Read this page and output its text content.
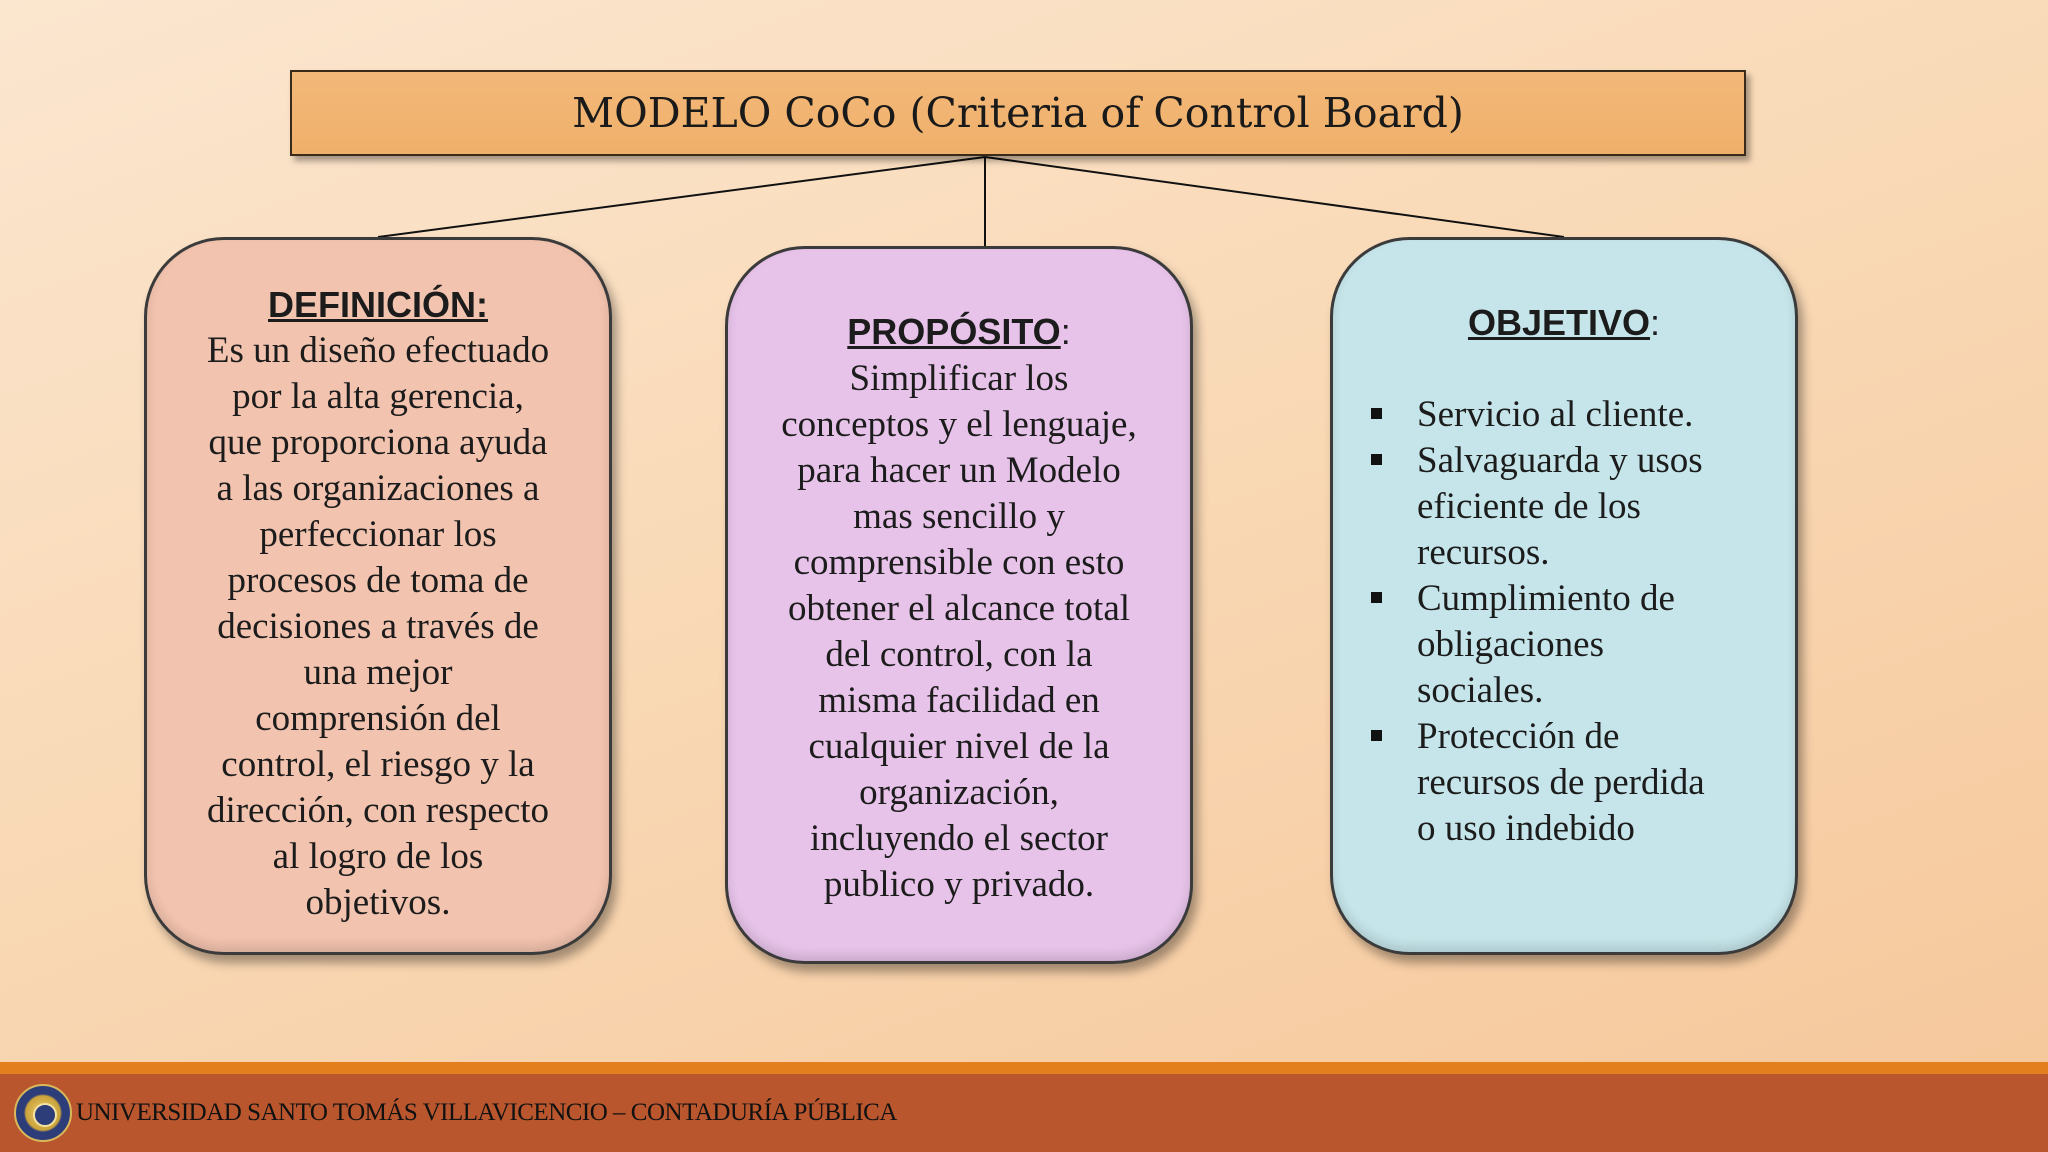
MODELO CoCo (Criteria of Control Board)
DEFINICIÓN:
Es un diseño efectuado
por la alta gerencia,
que proporciona ayuda
a las organizaciones a
perfeccionar los
procesos de toma de
decisiones a través de
una mejor
comprensión del
control, el riesgo y la
dirección, con respecto
al logro de los
objetivos.
PROPÓSITO:
Simplificar los
conceptos y el lenguaje,
para hacer un Modelo
mas sencillo y
comprensible con esto
obtener el alcance total
del control, con la
misma facilidad en
cualquier nivel de la
organización,
incluyendo el sector
publico y privado.
OBJETIVO:
Servicio al cliente.
Salvaguarda y usos
eficiente de los
recursos.
Cumplimiento de
obligaciones
sociales.
Protección de
recursos de perdida
o uso indebido
UNIVERSIDAD SANTO TOMÁS VILLAVICENCIO – CONTADURÍA PÚBLICA
